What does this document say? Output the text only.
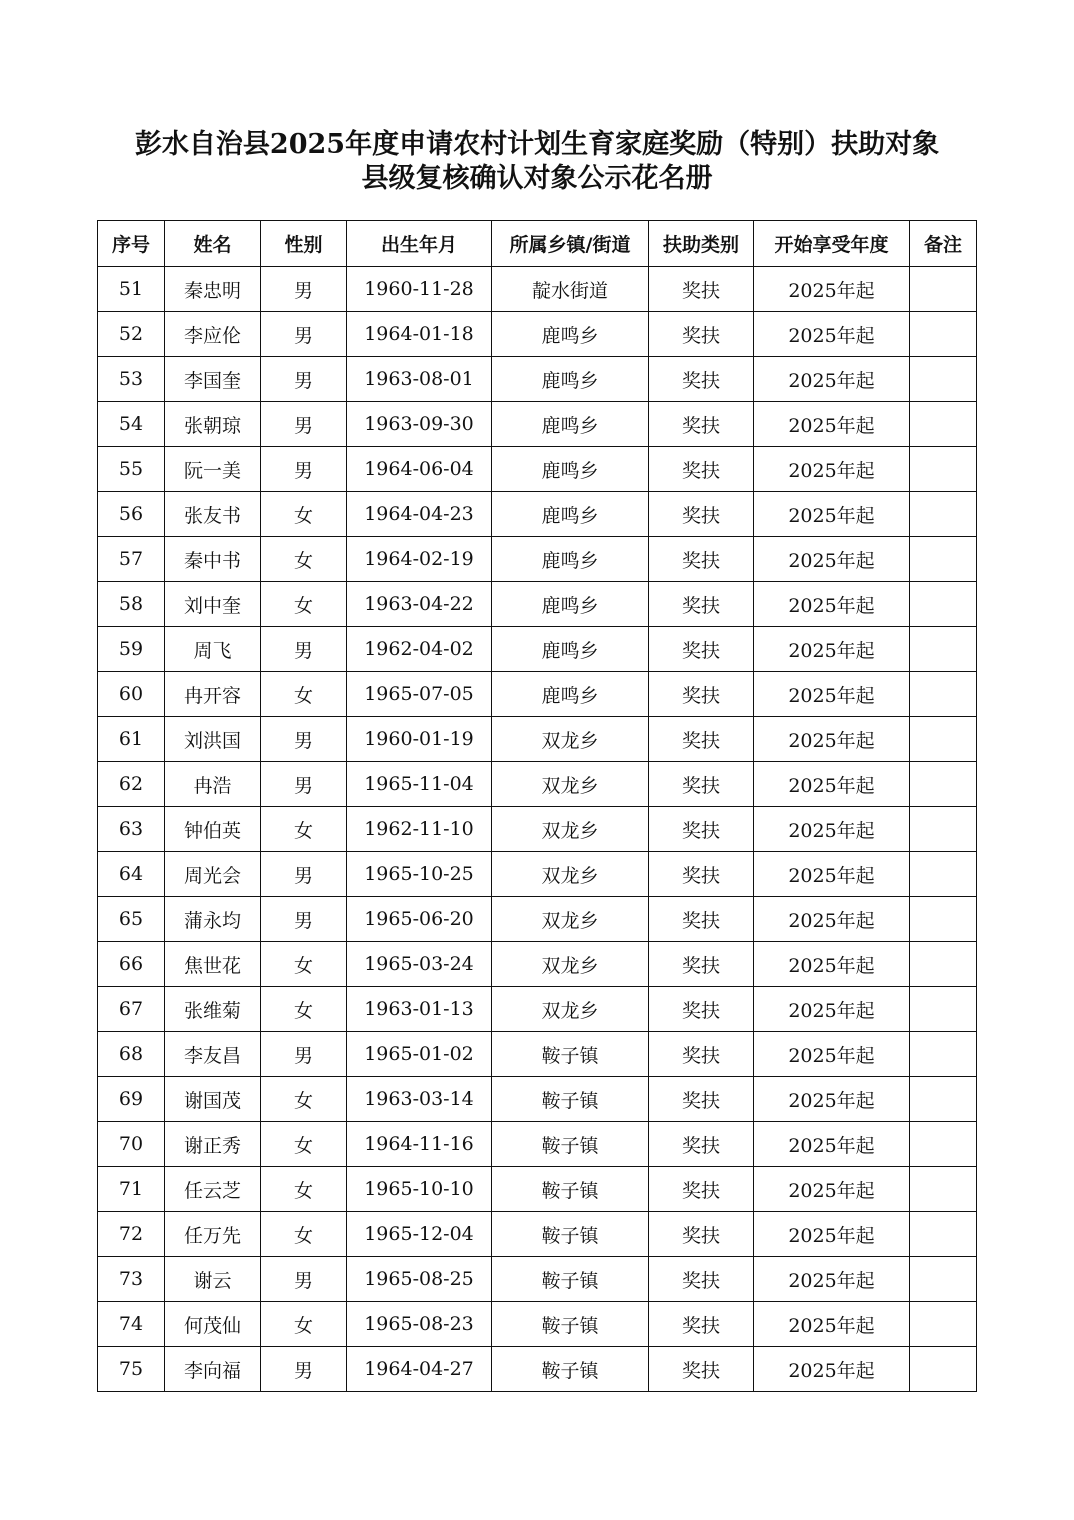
彭水自治县2025年度申请农村计划生育家庭奖励（特别）扶助对象
县级复核确认对象公示花名册
序号	姓名	性别	出生年月	所属乡镇/街道	扶助类别	开始享受年度	备注
51	秦忠明	男	1960-11-28	靛水街道	奖扶	2025年起	
52	李应伦	男	1964-01-18	鹿鸣乡	奖扶	2025年起	
53	李国奎	男	1963-08-01	鹿鸣乡	奖扶	2025年起	
54	张朝琼	男	1963-09-30	鹿鸣乡	奖扶	2025年起	
55	阮一美	男	1964-06-04	鹿鸣乡	奖扶	2025年起	
56	张友书	女	1964-04-23	鹿鸣乡	奖扶	2025年起	
57	秦中书	女	1964-02-19	鹿鸣乡	奖扶	2025年起	
58	刘中奎	女	1963-04-22	鹿鸣乡	奖扶	2025年起	
59	周飞	男	1962-04-02	鹿鸣乡	奖扶	2025年起	
60	冉开容	女	1965-07-05	鹿鸣乡	奖扶	2025年起	
61	刘洪国	男	1960-01-19	双龙乡	奖扶	2025年起	
62	冉浩	男	1965-11-04	双龙乡	奖扶	2025年起	
63	钟伯英	女	1962-11-10	双龙乡	奖扶	2025年起	
64	周光会	男	1965-10-25	双龙乡	奖扶	2025年起	
65	蒲永均	男	1965-06-20	双龙乡	奖扶	2025年起	
66	焦世花	女	1965-03-24	双龙乡	奖扶	2025年起	
67	张维菊	女	1963-01-13	双龙乡	奖扶	2025年起	
68	李友昌	男	1965-01-02	鞍子镇	奖扶	2025年起	
69	谢国茂	女	1963-03-14	鞍子镇	奖扶	2025年起	
70	谢正秀	女	1964-11-16	鞍子镇	奖扶	2025年起	
71	任云芝	女	1965-10-10	鞍子镇	奖扶	2025年起	
72	任万先	女	1965-12-04	鞍子镇	奖扶	2025年起	
73	谢云	男	1965-08-25	鞍子镇	奖扶	2025年起	
74	何茂仙	女	1965-08-23	鞍子镇	奖扶	2025年起	
75	李向福	男	1964-04-27	鞍子镇	奖扶	2025年起	
